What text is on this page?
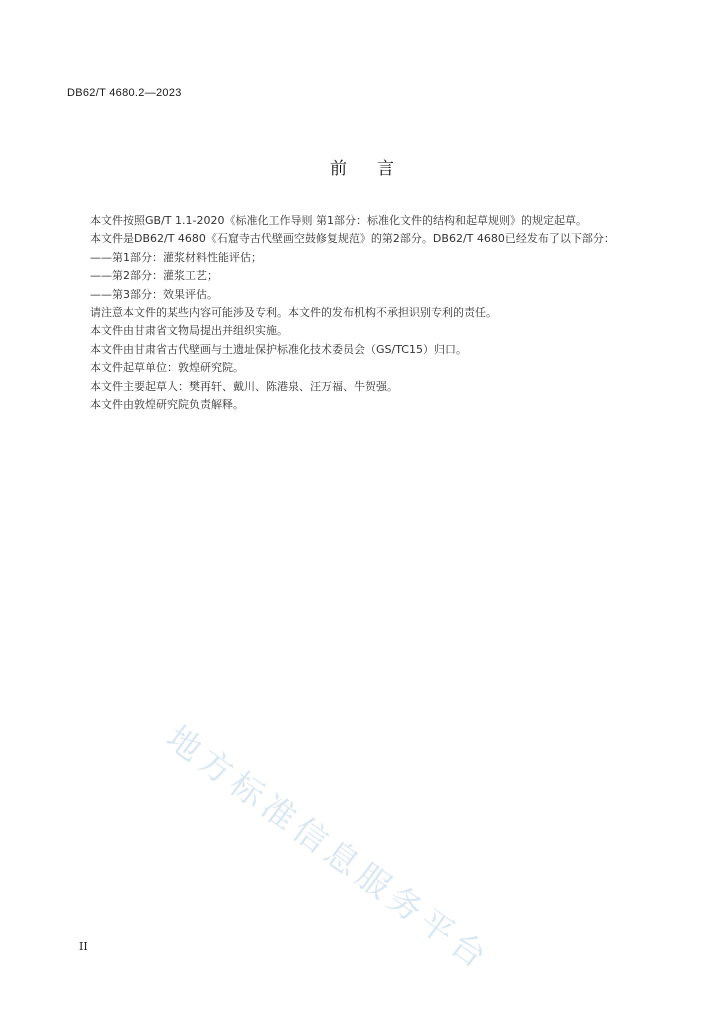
DB62/T 4680.2—2023
前言

本文件按照GB/T 1.1-2020《标准化工作导则 第1部分：标准化文件的结构和起草规则》的规定起草。

本文件是DB62/T 4680《石窟寺古代壁画空鼓修复规范》的第2部分。DB62/T 4680已经发布了以下部分：

——第1部分：灌浆材料性能评估；

——第2部分：灌浆工艺；

——第3部分：效果评估。

请注意本文件的某些内容可能涉及专利。本文件的发布机构不承担识别专利的责任。

本文件由甘肃省文物局提出并组织实施。

本文件由甘肃省古代壁画与土遗址保护标准化技术委员会（GS/TC15）归口。

本文件起草单位：敦煌研究院。

本文件主要起草人：樊再轩、戴川、陈港泉、汪万福、牛贺强。

本文件由敦煌研究院负责解释。

地方标准信息服务平台
II
